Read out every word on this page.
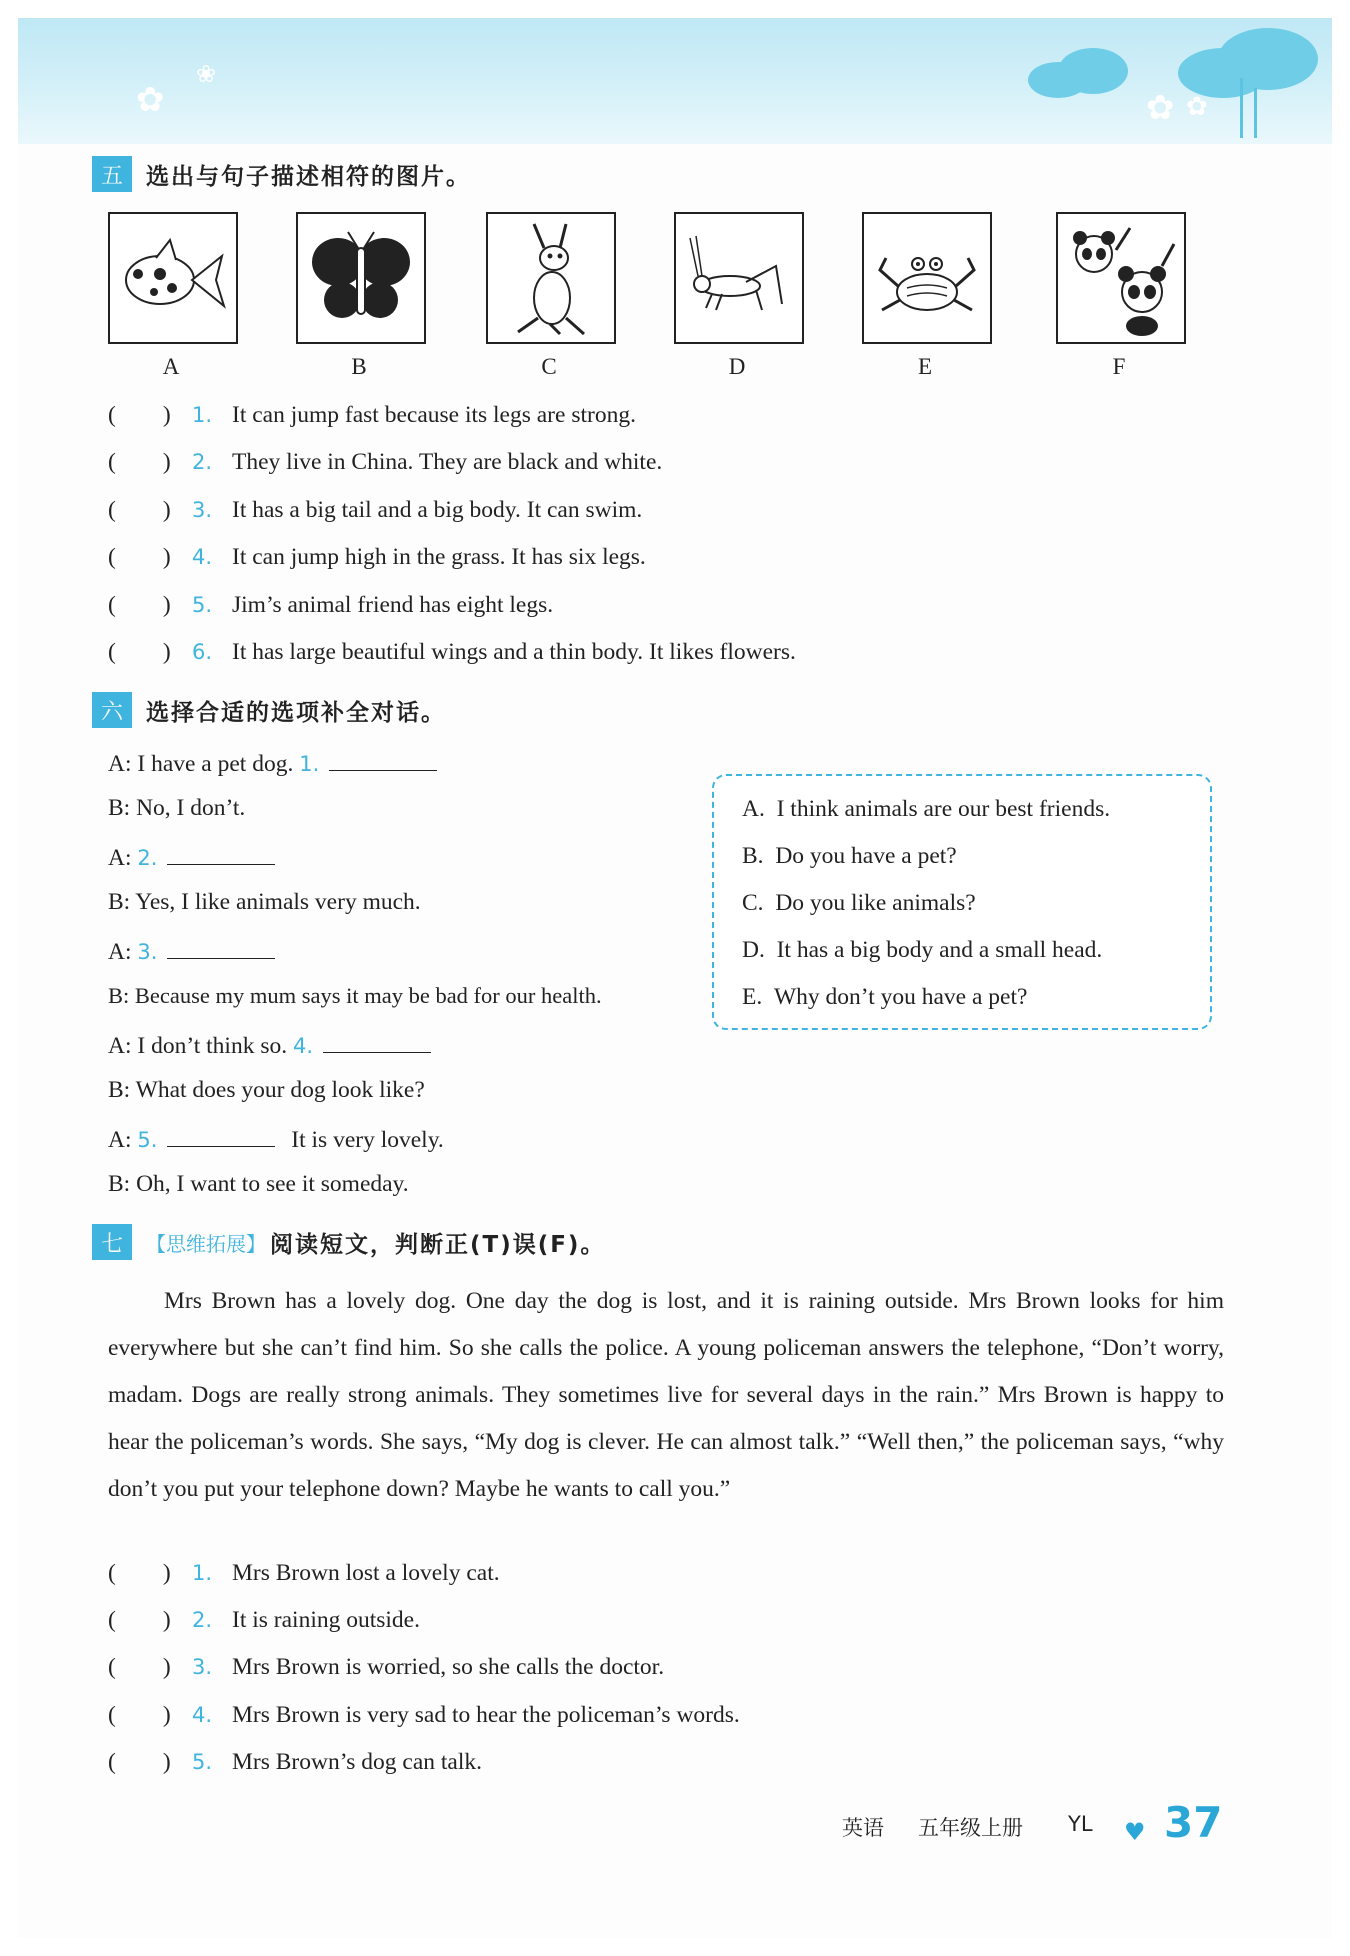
✿
❀
✿ ✿
五	选出与句子描述相符的图片。
A	B	C	D	E	F
(        ) 1. It can jump fast because its legs are strong.
(        ) 2. They live in China. They are black and white.
(        ) 3. It has a big tail and a big body. It can swim.
(        ) 4. It can jump high in the grass. It has six legs.
(        ) 5. Jim’s animal friend has eight legs.
(        ) 6. It has large beautiful wings and a thin body. It likes flowers.
六	选择合适的选项补全对话。
A: I have a pet dog. 1.
B: No, I don’t.
A: 2.
B: Yes, I like animals very much.
A: 3.
B: Because my mum says it may be bad for our health.
A: I don’t think so. 4.
B: What does your dog look like?
A: 5.	It is very lovely.
B: Oh, I want to see it someday.
A. I think animals are our best friends.
B. Do you have a pet?
C. Do you like animals?
D. It has a big body and a small head.
E. Why don’t you have a pet?
七	【思维拓展】 阅读短文，判断正(T)误(F)。

Mrs Brown has a lovely dog. One day the dog is lost, and it is raining outside. Mrs Brown looks for him everywhere but she can’t find him. So she calls the police. A young policeman answers the telephone, “Don’t worry, madam. Dogs are really strong animals. They sometimes live for several days in the rain.” Mrs Brown is happy to hear the policeman’s words. She says, “My dog is clever. He can almost talk.” “Well then,” the policeman says, “why don’t you put your telephone down? Maybe he wants to call you.”

(        ) 1. Mrs Brown lost a lovely cat.
(        ) 2. It is raining outside.
(        ) 3. Mrs Brown is worried, so she calls the doctor.
(        ) 4. Mrs Brown is very sad to hear the policeman’s words.
(        ) 5. Mrs Brown’s dog can talk.
英语 五年级上册 YL ♥ 37
